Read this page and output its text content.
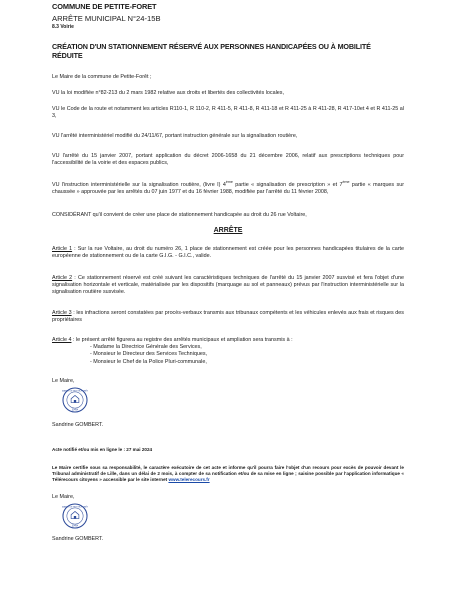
COMMUNE DE PETITE-FORET
ARRÊTE MUNICIPAL N°24-15B
8.3 Voirie
CRÉATION D'UN STATIONNEMENT RÉSERVÉ AUX PERSONNES HANDICAPÉES OU À MOBILITÉ RÉDUITE
Le Maire de la commune de Petite-Forêt ;
VU la loi modifiée n°82-213 du 2 mars 1982 relative aux droits et libertés des collectivités locales,
VU le Code de la route et notamment les articles R110-1, R 110-2, R 411-5, R 411-8, R 411-18 et R 411-25 à R 411-28, R 417-10et 4 et R 411-25 al 3,
VU l'arrêté interministériel modifié du 24/11/67, portant instruction générale sur la signalisation routière,
VU l'arrêté du 15 janvier 2007, portant application du décret 2006-1658 du 21 décembre 2006, relatif aux prescriptions techniques pour l'accessibilité de la voirie et des espaces publics,
VU l'instruction interministérielle sur la signalisation routière, (livre I) 4ème partie « signalisation de prescription » et 7ème partie « marques sur chaussée » approuvée par les arrêtés du 07 juin 1977 et du 16 février 1988, modifiée par l'arrêté du 11 février 2008,
CONSIDÉRANT qu'il convient de créer une place de stationnement handicapée au droit du 26 rue Voltaire,
ARRÊTE
Article 1 : Sur la rue Voltaire, au droit du numéro 26, 1 place de stationnement est créée pour les personnes handicapées titulaires de la carte européenne de stationnement ou de la carte G.I.G. - G.I.C., valide.
Article 2 : Ce stationnement réservé est créé suivant les caractéristiques techniques de l'arrêté du 15 janvier 2007 susvisé et fera l'objet d'une signalisation horizontale et verticale, matérialisée par les dispositifs (marquage au sol et panneaux) prévus par l'instruction interministérielle sur la signalisation routière susvisée.
Article 3 : les infractions seront constatées par procès-verbaux transmis aux tribunaux compétents et les véhicules enlevés aux frais et risques des propriétaires
Article 4 : le présent arrêté figurera au registre des arrêtés municipaux et ampliation sera transmis à :
- Madame la Directrice Générale des Services,
- Monsieur le Directeur des Services Techniques,
- Monsieur le Chef de la Police Pluri-communale,
Le Maire,
MAIRIE DE PETITE-FORÊT
59494
Sandrine GOMBERT.
Acte notifié et/ou mis en ligne le : 27 mai 2024
Le Maire certifie sous sa responsabilité, le caractère exécutoire de cet acte et informe qu'il pourra faire l'objet d'un recours pour excès de pouvoir devant le Tribunal administratif de Lille, dans un délai de 2 mois, à compter de sa notification et/ou de sa mise en ligne ; saisine possible par l'application informatique « Télérecours citoyens » accessible par le site internet www.telerecours.fr
Le Maire,
MAIRIE DE PETITE-FORÊT
59494
Sandrine GOMBERT.
